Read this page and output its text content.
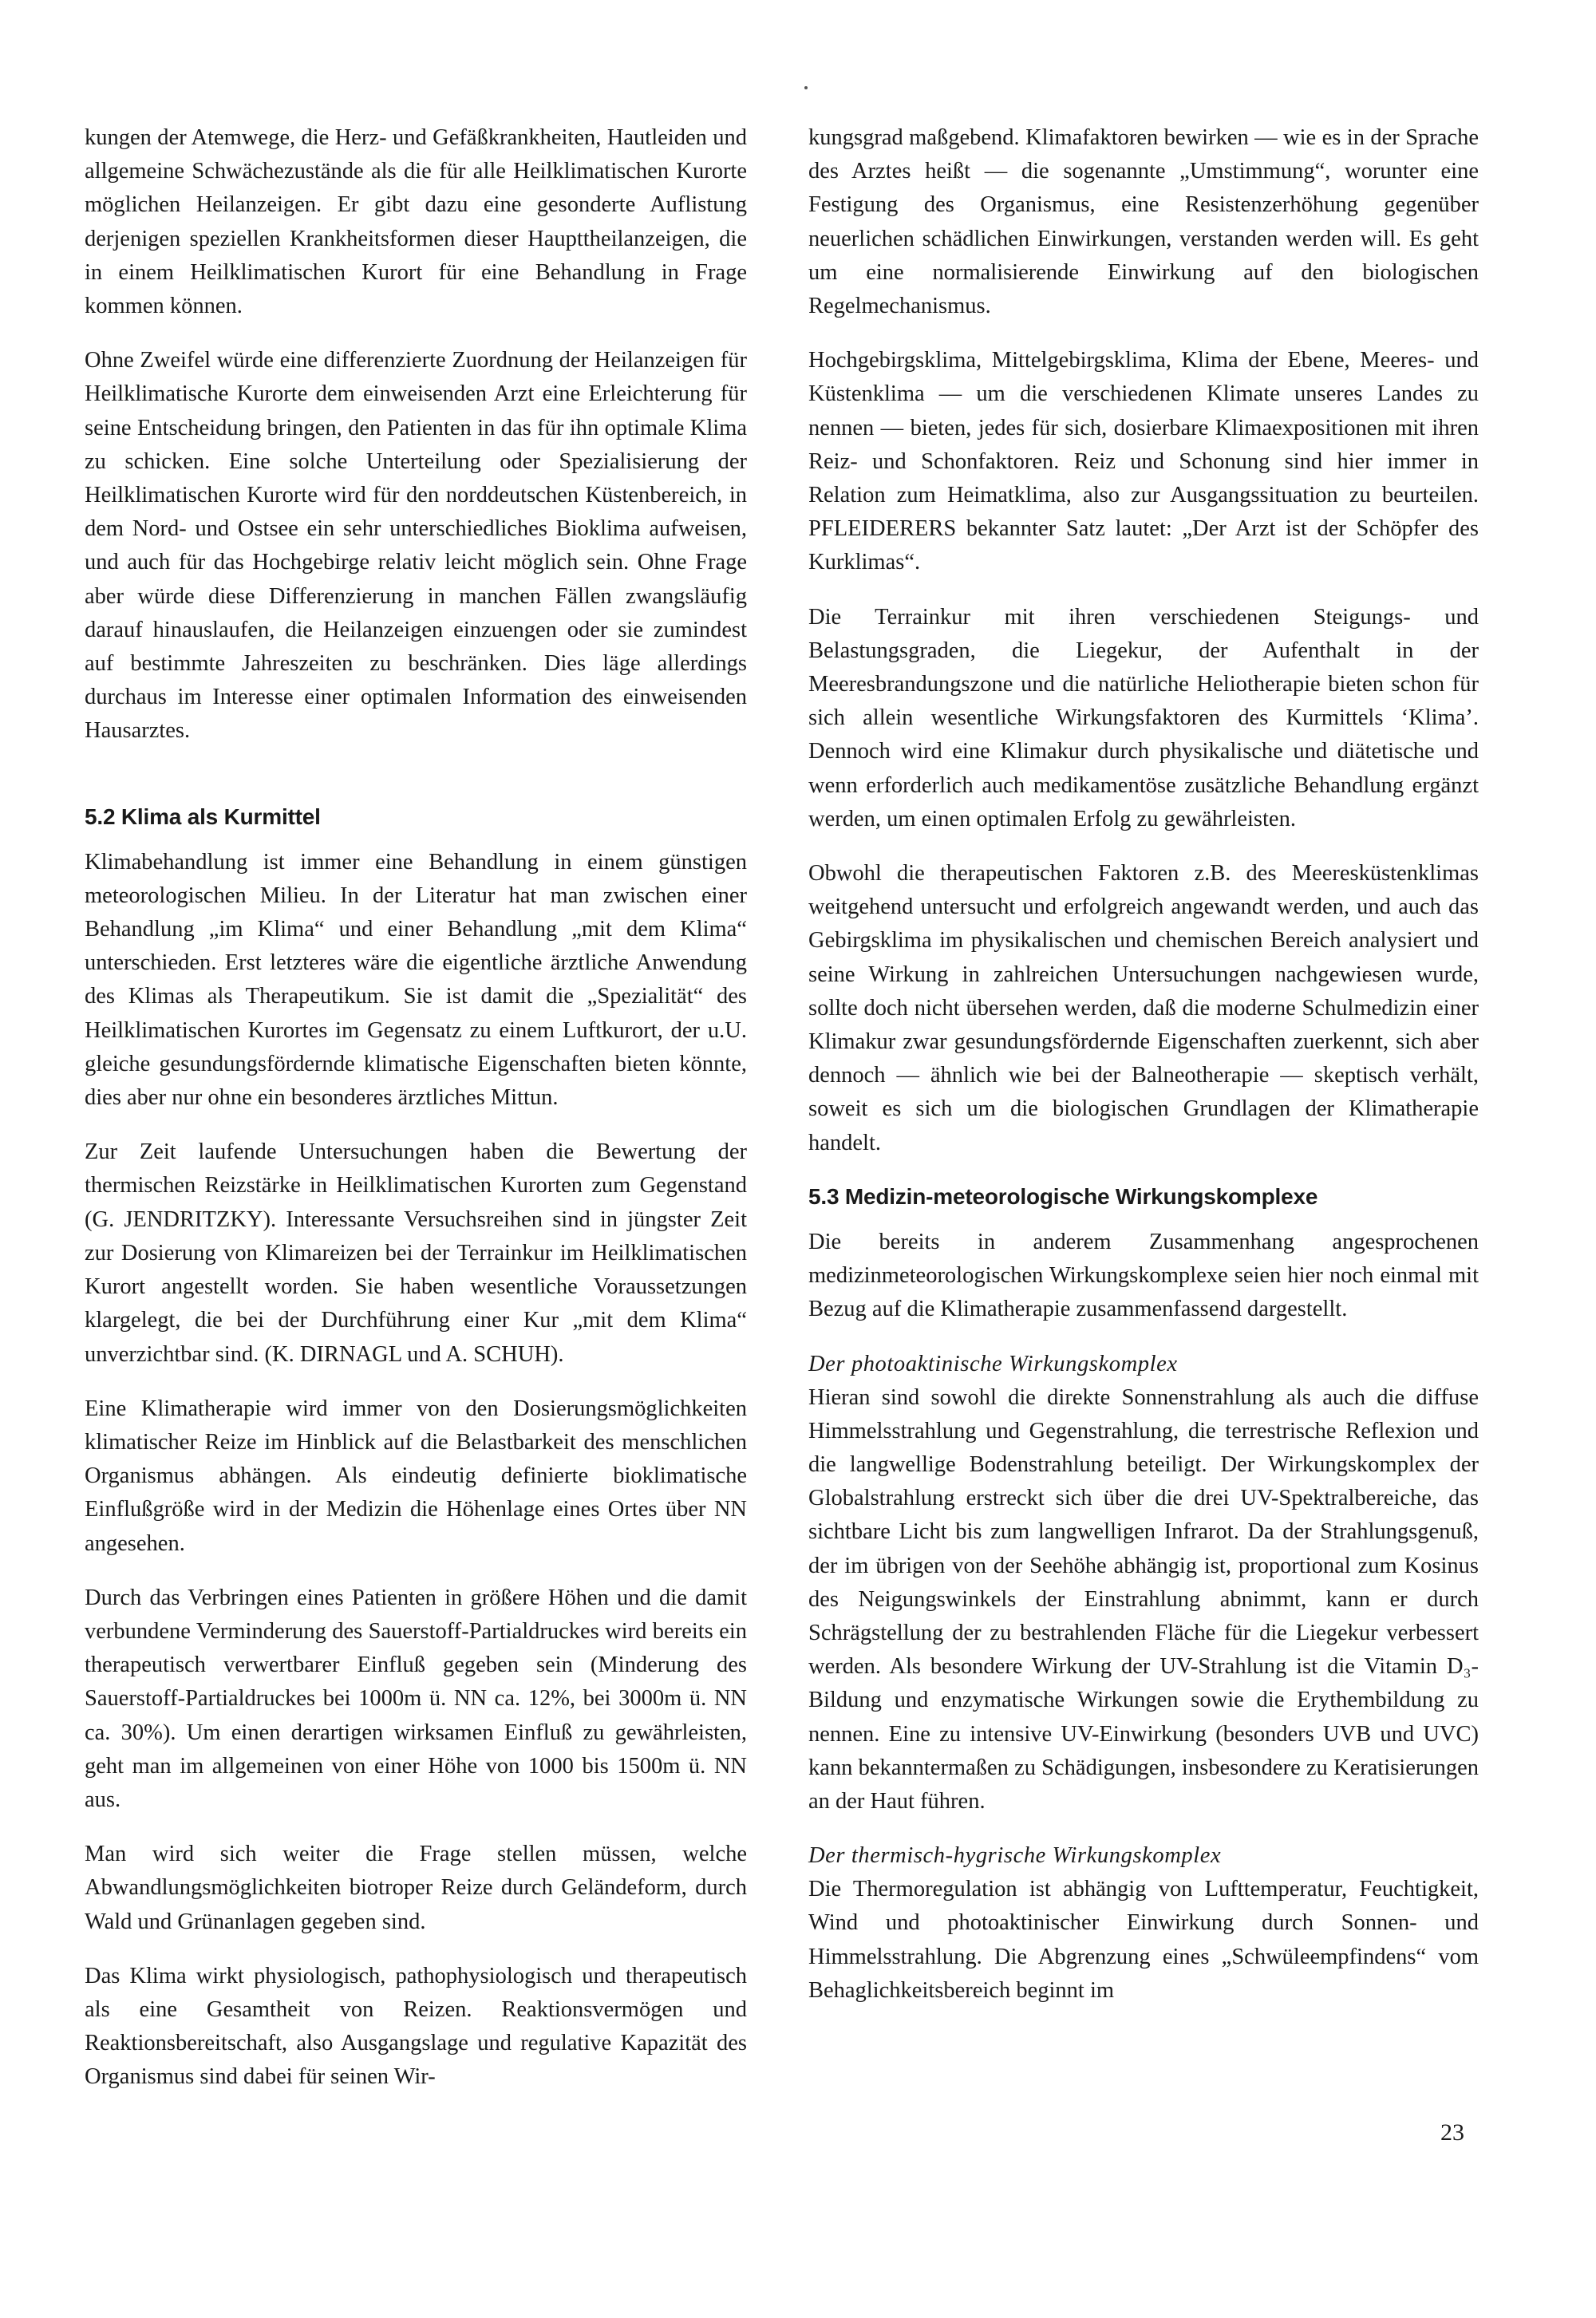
kungen der Atemwege, die Herz- und Gefäßkrankheiten, Hautleiden und allgemeine Schwächezustände als die für alle Heilklimatischen Kurorte möglichen Heilanzeigen. Er gibt dazu eine gesonderte Auflistung derjenigen speziellen Krankheitsformen dieser Haupttheilanzeigen, die in einem Heilklimatischen Kurort für eine Behandlung in Frage kommen können.

Ohne Zweifel würde eine differenzierte Zuordnung der Heilanzeigen für Heilklimatische Kurorte dem einweisenden Arzt eine Erleichterung für seine Entscheidung bringen, den Patienten in das für ihn optimale Klima zu schicken. Eine solche Unterteilung oder Spezialisierung der Heilklimatischen Kurorte wird für den norddeutschen Küstenbereich, in dem Nord- und Ostsee ein sehr unterschiedliches Bioklima aufweisen, und auch für das Hochgebirge relativ leicht möglich sein. Ohne Frage aber würde diese Differenzierung in manchen Fällen zwangsläufig darauf hinauslaufen, die Heilanzeigen einzuengen oder sie zumindest auf bestimmte Jahreszeiten zu beschränken. Dies läge allerdings durchaus im Interesse einer optimalen Information des einweisenden Hausarztes.

5.2 Klima als Kurmittel

Klimabehandlung ist immer eine Behandlung in einem günstigen meteorologischen Milieu. In der Literatur hat man zwischen einer Behandlung „im Klima“ und einer Behandlung „mit dem Klima“ unterschieden. Erst letzteres wäre die eigentliche ärztliche Anwendung des Klimas als Therapeutikum. Sie ist damit die „Spezialität“ des Heilklimatischen Kurortes im Gegensatz zu einem Luftkurort, der u.U. gleiche gesundungsfördernde klimatische Eigenschaften bieten könnte, dies aber nur ohne ein besonderes ärztliches Mittun.

Zur Zeit laufende Untersuchungen haben die Bewertung der thermischen Reizstärke in Heilklimatischen Kurorten zum Gegenstand (G. JENDRITZKY). Interessante Versuchsreihen sind in jüngster Zeit zur Dosierung von Klimareizen bei der Terrainkur im Heilklimatischen Kurort angestellt worden. Sie haben wesentliche Voraussetzungen klargelegt, die bei der Durchführung einer Kur „mit dem Klima“ unverzichtbar sind. (K. DIRNAGL und A. SCHUH).

Eine Klimatherapie wird immer von den Dosierungsmöglichkeiten klimatischer Reize im Hinblick auf die Belastbarkeit des menschlichen Organismus abhängen. Als eindeutig definierte bioklimatische Einflußgröße wird in der Medizin die Höhenlage eines Ortes über NN angesehen.

Durch das Verbringen eines Patienten in größere Höhen und die damit verbundene Verminderung des Sauerstoff-Partialdruckes wird bereits ein therapeutisch verwertbarer Einfluß gegeben sein (Minderung des Sauerstoff-Partialdruckes bei 1000m ü. NN ca. 12%, bei 3000m ü. NN ca. 30%). Um einen derartigen wirksamen Einfluß zu gewährleisten, geht man im allgemeinen von einer Höhe von 1000 bis 1500m ü. NN aus.

Man wird sich weiter die Frage stellen müssen, welche Abwandlungsmöglichkeiten biotroper Reize durch Geländeform, durch Wald und Grünanlagen gegeben sind.

Das Klima wirkt physiologisch, pathophysiologisch und therapeutisch als eine Gesamtheit von Reizen. Reaktionsvermögen und Reaktionsbereitschaft, also Ausgangslage und regulative Kapazität des Organismus sind dabei für seinen Wir-

kungsgrad maßgebend. Klimafaktoren bewirken — wie es in der Sprache des Arztes heißt — die sogenannte „Umstimmung“, worunter eine Festigung des Organismus, eine Resistenzerhöhung gegenüber neuerlichen schädlichen Einwirkungen, verstanden werden will. Es geht um eine normalisierende Einwirkung auf den biologischen Regelmechanismus.

Hochgebirgsklima, Mittelgebirgsklima, Klima der Ebene, Meeres- und Küstenklima — um die verschiedenen Klimate unseres Landes zu nennen — bieten, jedes für sich, dosierbare Klimaexpositionen mit ihren Reiz- und Schonfaktoren. Reiz und Schonung sind hier immer in Relation zum Heimatklima, also zur Ausgangssituation zu beurteilen. PFLEIDERERS bekannter Satz lautet: „Der Arzt ist der Schöpfer des Kurklimas“.

Die Terrainkur mit ihren verschiedenen Steigungs- und Belastungsgraden, die Liegekur, der Aufenthalt in der Meeresbrandungszone und die natürliche Heliotherapie bieten schon für sich allein wesentliche Wirkungsfaktoren des Kurmittels ‘Klima’. Dennoch wird eine Klimakur durch physikalische und diätetische und wenn erforderlich auch medikamentöse zusätzliche Behandlung ergänzt werden, um einen optimalen Erfolg zu gewährleisten.

Obwohl die therapeutischen Faktoren z.B. des Meeresküstenklimas weitgehend untersucht und erfolgreich angewandt werden, und auch das Gebirgsklima im physikalischen und chemischen Bereich analysiert und seine Wirkung in zahlreichen Untersuchungen nachgewiesen wurde, sollte doch nicht übersehen werden, daß die moderne Schulmedizin einer Klimakur zwar gesundungsfördernde Eigenschaften zuerkennt, sich aber dennoch — ähnlich wie bei der Balneotherapie — skeptisch verhält, soweit es sich um die biologischen Grundlagen der Klimatherapie handelt.

5.3 Medizin-meteorologische Wirkungskomplexe

Die bereits in anderem Zusammenhang angesprochenen medizinmeteorologischen Wirkungskomplexe seien hier noch einmal mit Bezug auf die Klimatherapie zusammenfassend dargestellt.

Der photoaktinische Wirkungskomplex

Hieran sind sowohl die direkte Sonnenstrahlung als auch die diffuse Himmelsstrahlung und Gegenstrahlung, die terrestrische Reflexion und die langwellige Bodenstrahlung beteiligt. Der Wirkungskomplex der Globalstrahlung erstreckt sich über die drei UV-Spektralbereiche, das sichtbare Licht bis zum langwelligen Infrarot. Da der Strahlungsgenuß, der im übrigen von der Seehöhe abhängig ist, proportional zum Kosinus des Neigungswinkels der Einstrahlung abnimmt, kann er durch Schrägstellung der zu bestrahlenden Fläche für die Liegekur verbessert werden. Als besondere Wirkung der UV-Strahlung ist die Vitamin D₃-Bildung und enzymatische Wirkungen sowie die Erythembildung zu nennen. Eine zu intensive UV-Einwirkung (besonders UVB und UVC) kann bekanntermaßen zu Schädigungen, insbesondere zu Keratisierungen an der Haut führen.

Der thermisch-hygrische Wirkungskomplex

Die Thermoregulation ist abhängig von Lufttemperatur, Feuchtigkeit, Wind und photoaktinischer Einwirkung durch Sonnen- und Himmelsstrahlung. Die Abgrenzung eines „Schwüleempfindens“ vom Behaglichkeitsbereich beginnt im

23
